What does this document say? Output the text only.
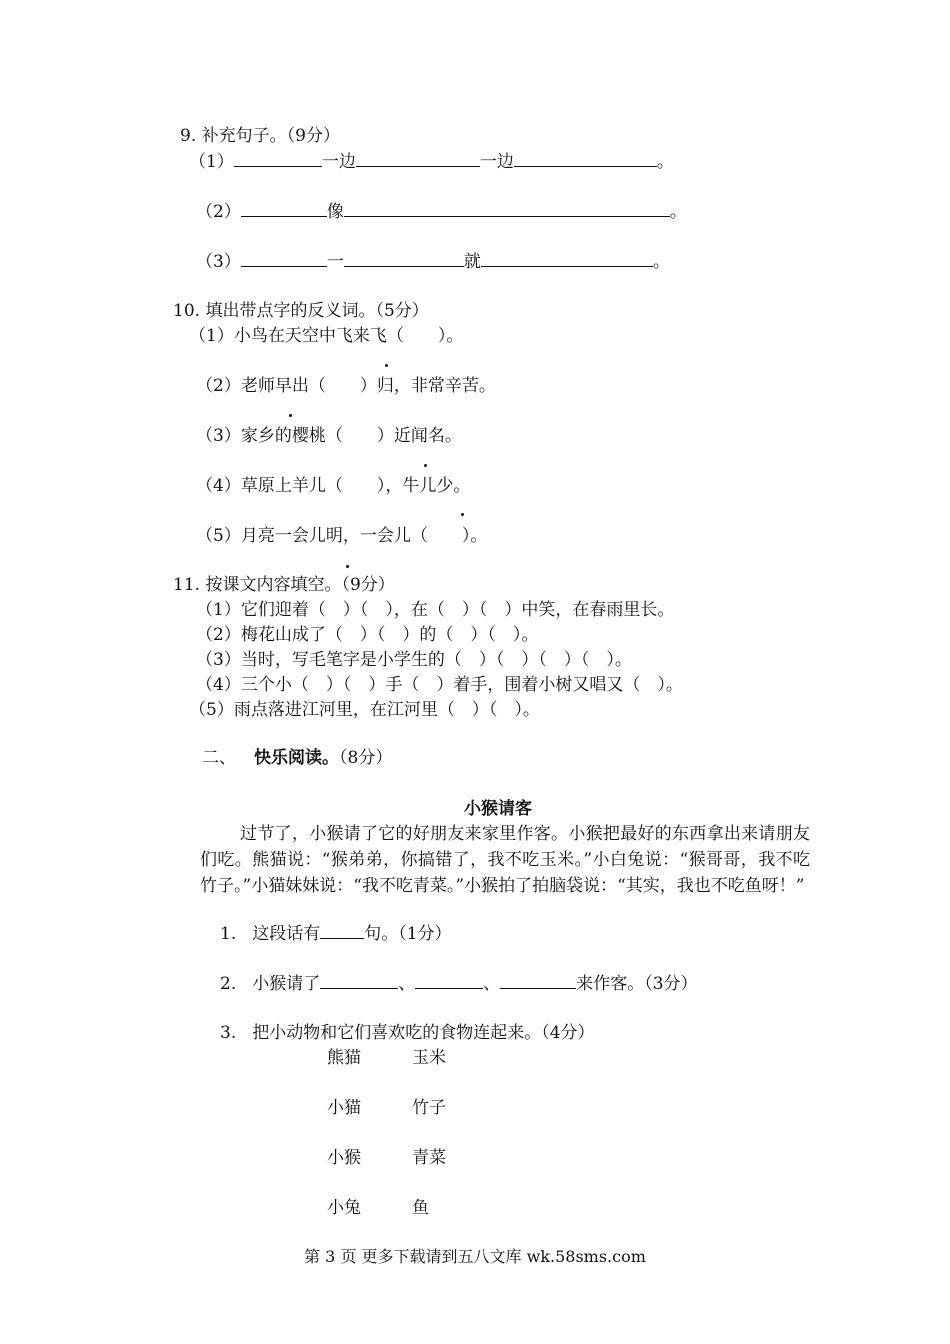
9. 补充句子。（9分）
（1）	一边	一边	。
（2）	像	。
（3）	一	就	。
10. 填出带点字的反义词。（5分）
（1）小鸟在天空中飞来飞（　　）。
（2）老师早出（　　）归，非常辛苦。
（3）家乡的樱桃（　　）近闻名。
（4）草原上羊儿（　　），牛儿少。
（5）月亮一会儿明，一会儿（　　）。
11. 按课文内容填空。（9分）
（1）它们迎着（　）（　），在（　）（　）中笑，在春雨里长。
（2）梅花山成了（　）（　）的（　）（　）。
（3）当时，写毛笔字是小学生的（　）（　）（　）（　）。
（4）三个小（　）（　）手（　）着手，围着小树又唱又（　）。
（5）雨点落进江河里，在江河里（　）（　）。
二、 快乐阅读。（8分）
小猴请客
过节了，小猴请了它的好朋友来家里作客。小猴把最好的东西拿出来请朋友们吃。熊猫说：“猴弟弟，你搞错了，我不吃玉米。”小白兔说：“猴哥哥，我不吃竹子。”小猫妹妹说：“我不吃青菜。”小猴拍了拍脑袋说：“其实，我也不吃鱼呀！”
1. 这段话有	句。（1分）
2. 小猴请了	、	、	来作客。（3分）
3. 把小动物和它们喜欢吃的食物连起来。（4分）
熊猫	玉米
小猫	竹子
小猴	青菜
小兔	鱼
第 3 页 更多下载请到五八文库 wk.58sms.com
